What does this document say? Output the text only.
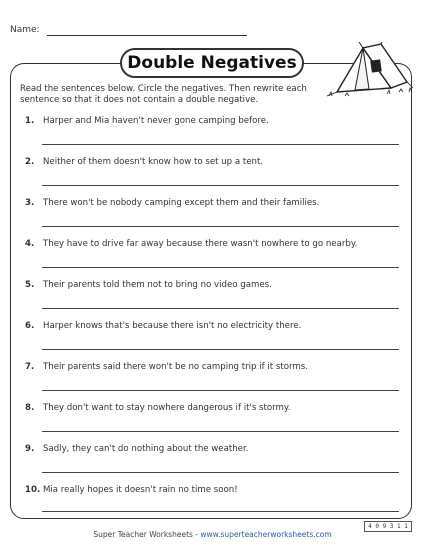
Name:
Double Negatives
Read the sentences below. Circle the negatives. Then rewrite each sentence so that it does not contain a double negative.
1. Harper and Mia haven't never gone camping before.
2. Neither of them doesn't know how to set up a tent.
3. There won't be nobody camping except them and their families.
4. They have to drive far away because there wasn't nowhere to go nearby.
5. Their parents told them not to bring no video games.
6. Harper knows that's because there isn't no electricity there.
7. Their parents said there won't be no camping trip if it storms.
8. They don't want to stay nowhere dangerous if it's stormy.
9. Sadly, they can't do nothing about the weather.
10. Mia really hopes it doesn't rain no time soon!
4 0 9 3 1 1
Super Teacher Worksheets - www.superteacherworksheets.com
